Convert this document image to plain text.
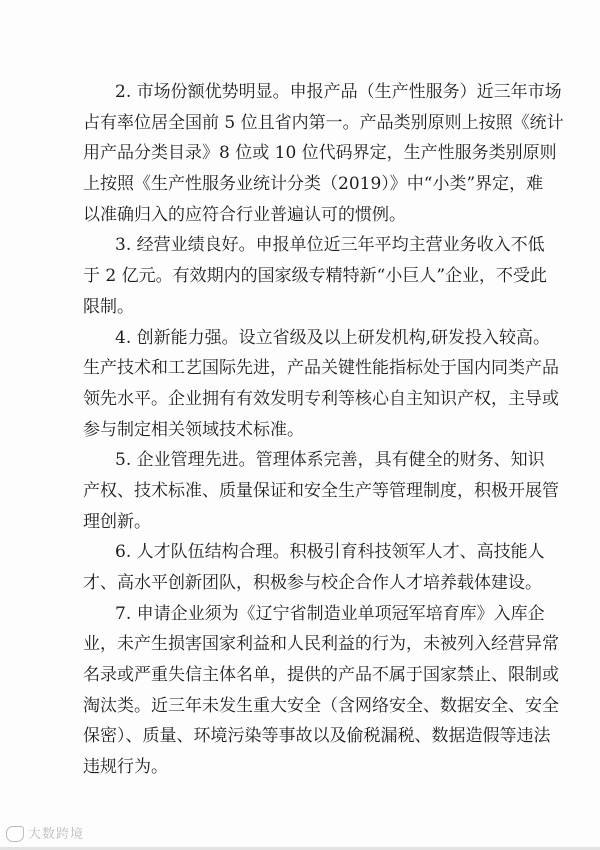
2. 市场份额优势明显。申报产品（生产性服务）近三年市场
占有率位居全国前 5 位且省内第一。产品类别原则上按照《统计
用产品分类目录》8 位或 10 位代码界定，生产性服务类别原则
上按照《生产性服务业统计分类（2019）》中“小类”界定，难
以准确归入的应符合行业普遍认可的惯例。
3. 经营业绩良好。申报单位近三年平均主营业务收入不低
于 2 亿元。有效期内的国家级专精特新“小巨人”企业，不受此
限制。
4. 创新能力强。设立省级及以上研发机构,研发投入较高。
生产技术和工艺国际先进，产品关键性能指标处于国内同类产品
领先水平。企业拥有有效发明专利等核心自主知识产权，主导或
参与制定相关领域技术标准。
5. 企业管理先进。管理体系完善，具有健全的财务、知识
产权、技术标准、质量保证和安全生产等管理制度，积极开展管
理创新。
6. 人才队伍结构合理。积极引育科技领军人才、高技能人
才、高水平创新团队，积极参与校企合作人才培养载体建设。
7. 申请企业须为《辽宁省制造业单项冠军培育库》入库企
业，未产生损害国家利益和人民利益的行为，未被列入经营异常
名录或严重失信主体名单，提供的产品不属于国家禁止、限制或
淘汰类。近三年未发生重大安全（含网络安全、数据安全、安全
保密）、质量、环境污染等事故以及偷税漏税、数据造假等违法
违规行为。
大数跨境
